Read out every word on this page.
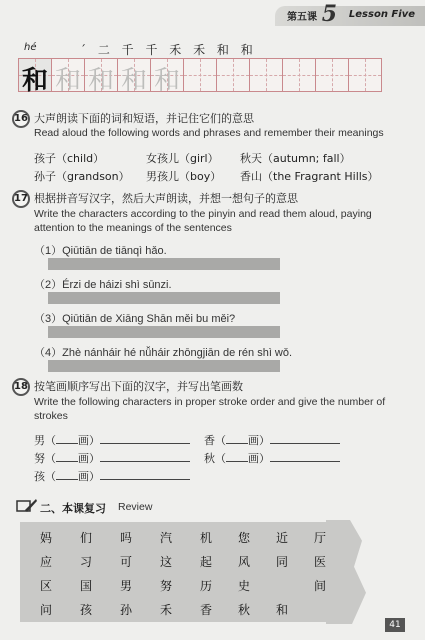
第五课 5 Lesson Five
hé	ˊ 二 千 千 禾 禾 和 和
和 和 和 和 和
16 大声朗读下面的词和短语，并记住它们的意思
Read aloud the following words and phrases and remember their meanings
孩子（child）	女孩儿（girl） 秋天（autumn; fall）
孙子（grandson） 男孩儿（boy） 香山（the Fragrant Hills）
17 根据拼音写汉字，然后大声朗读，并想一想句子的意思
Write the characters according to the pinyin and read them aloud, paying
attention to the meanings of the sentences
（1）Qiūtiān de tiānqì hǎo.
（2）Érzi de háizi shì sūnzi.
（3）Qiūtiān de Xiāng Shān měi bu měi?
（4）Zhè nánháir hé nǚháir zhōngjiān de rén shì wǒ.
18 按笔画顺序写出下面的汉字，并写出笔画数
Write the following characters in proper stroke order and give the number of
strokes
男（ 画）
努（ 画）
孩（ 画）
香（ 画）
秋（ 画）
二、本课复习 Review
妈 们 吗 汽 机 您 近 厅
应 习 可 这 起 风 同 医
区 国 男 努 历 史	间
问 孩 孙 禾 香 秋 和
41
